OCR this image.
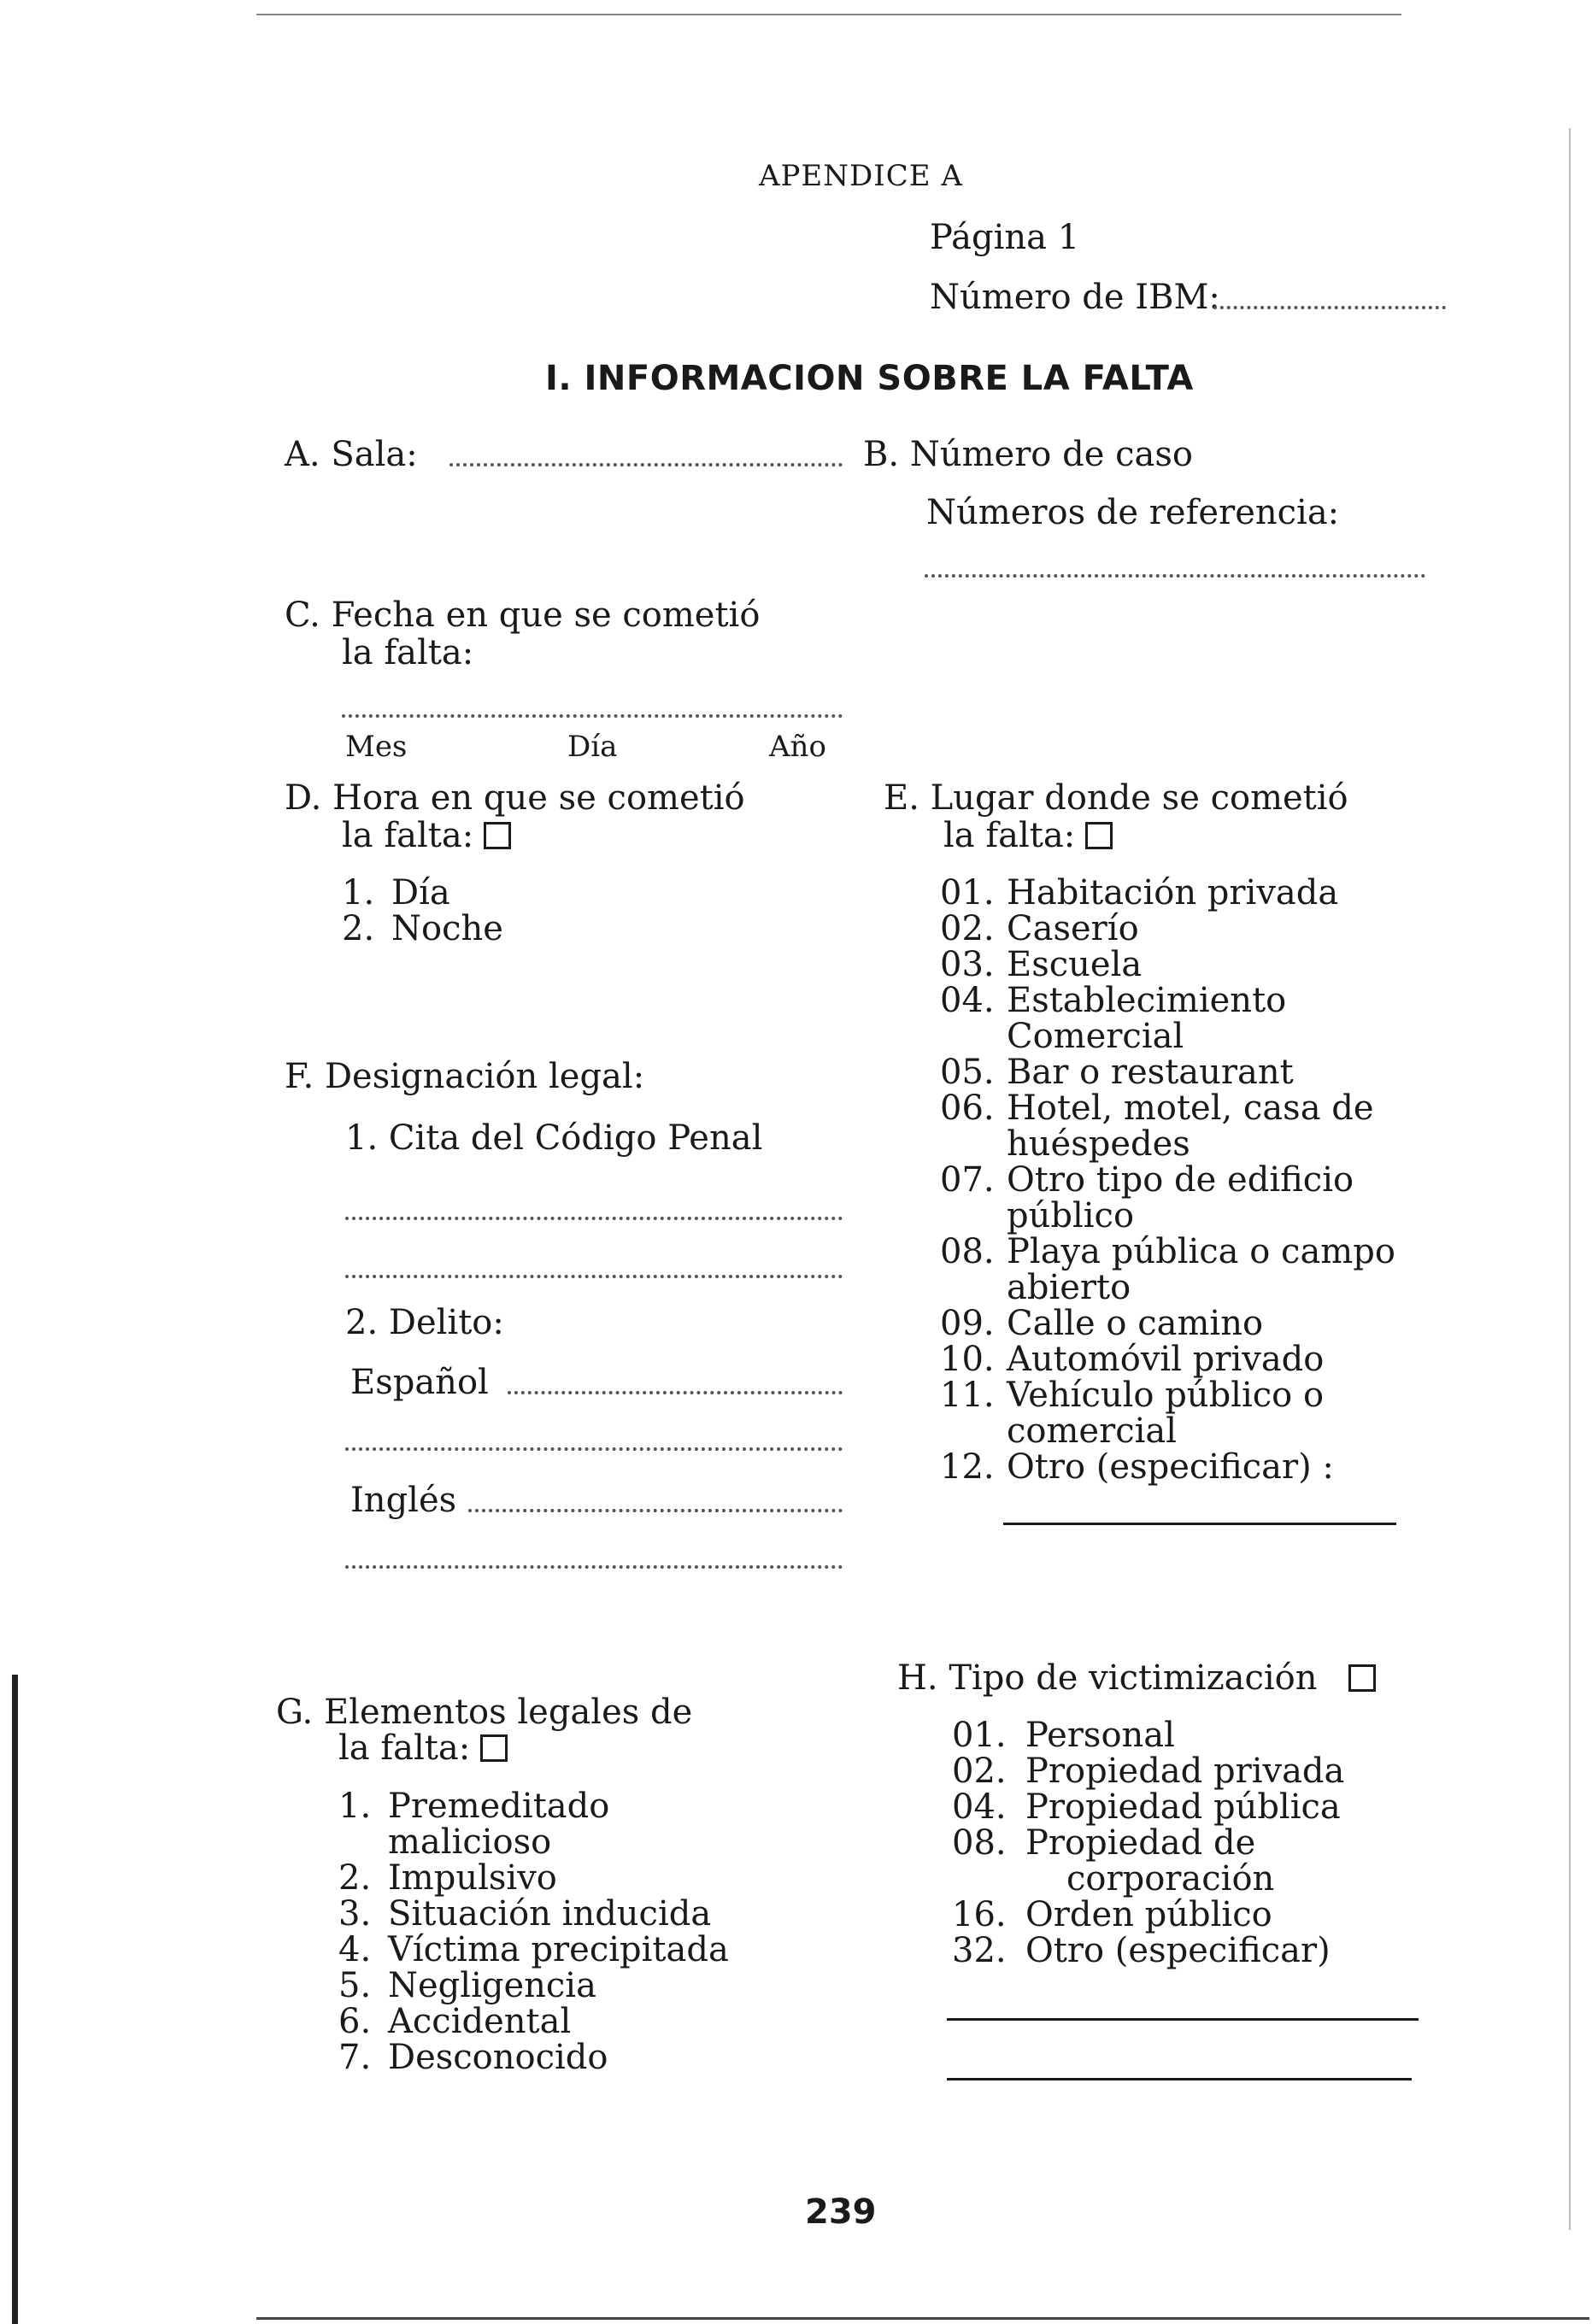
APENDICE A
Página 1
Número de IBM:
I. INFORMACION SOBRE LA FALTA
A. Sala:	B. Número de caso
Números de referencia:
C. Fecha en que se cometió
la falta:
Mes	Día	Año
D. Hora en que se cometió
la falta:
1. Día
2. Noche
E. Lugar donde se cometió
la falta:
01. Habitación privada
02. Caserío
03. Escuela
04. Establecimiento
Comercial
05. Bar o restaurant
06. Hotel, motel, casa de
huéspedes
07. Otro tipo de edificio
público
08. Playa pública o campo
abierto
09. Calle o camino
10. Automóvil privado
11. Vehículo público o
comercial
12. Otro (especificar) :
F. Designación legal:
1. Cita del Código Penal
2. Delito:
Español
Inglés
G. Elementos legales de
la falta:
1. Premeditado
malicioso
2. Impulsivo
3. Situación inducida
4. Víctima precipitada
5. Negligencia
6. Accidental
7. Desconocido
H. Tipo de victimización
01. Personal
02. Propiedad privada
04. Propiedad pública
08. Propiedad de
corporación
16. Orden público
32. Otro (especificar)
239
